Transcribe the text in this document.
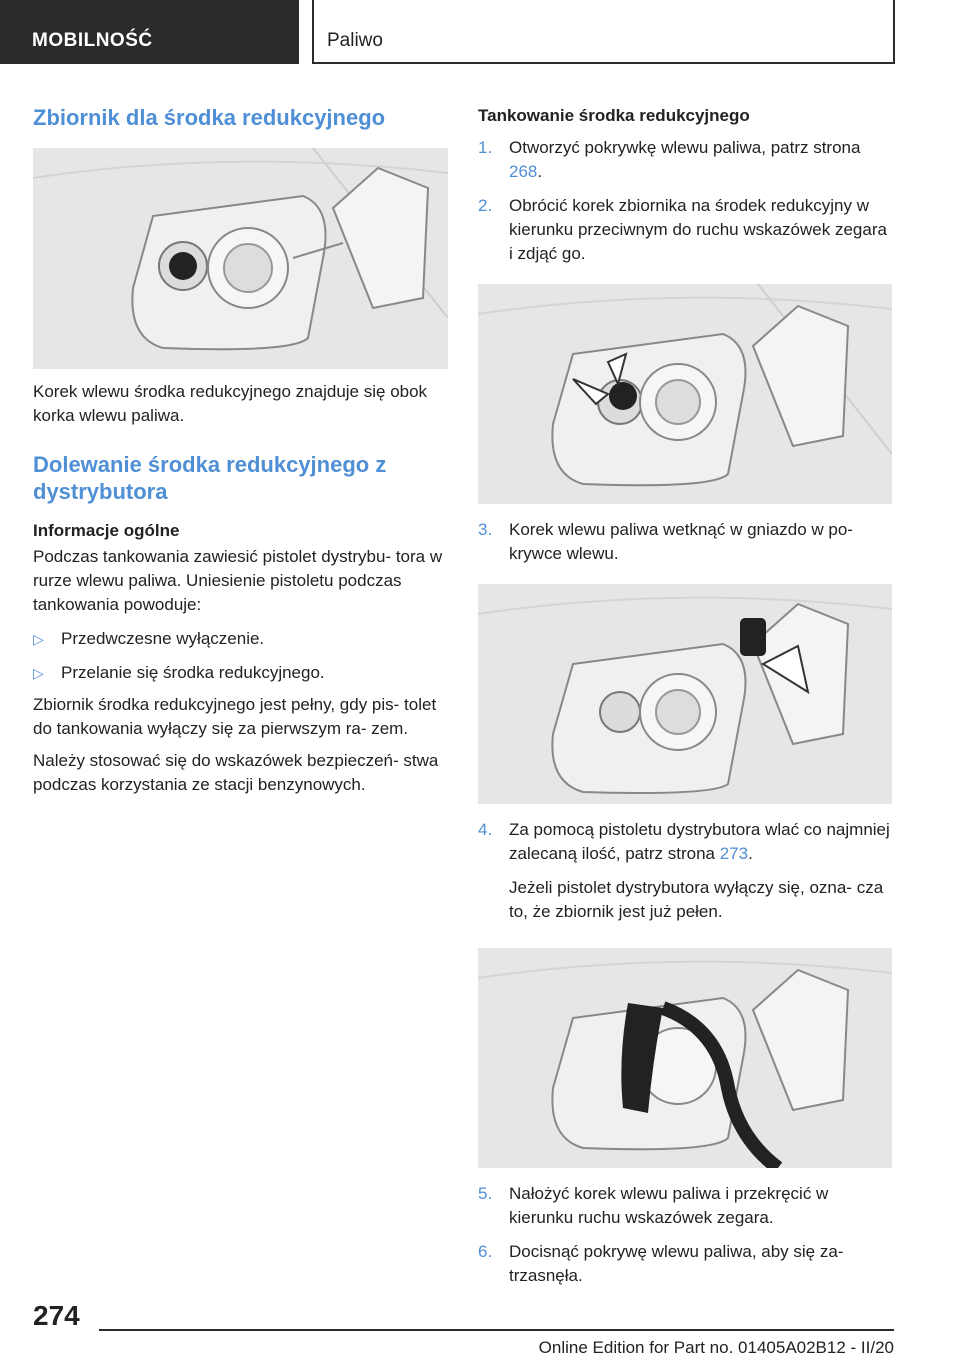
MOBILNOŚĆ	Paliwo
Zbiornik dla środka redukcyjnego

Korek wlewu środka redukcyjnego znajduje się obok korka wlewu paliwa.

Dolewanie środka redukcyjnego z dystrybutora
Informacje ogólne

Podczas tankowania zawiesić pistolet dystrybu- tora w rurze wlewu paliwa. Uniesienie pistoletu podczas tankowania powoduje:

▷	Przedwczesne wyłączenie.
▷	Przelanie się środka redukcyjnego.

Zbiornik środka redukcyjnego jest pełny, gdy pis- tolet do tankowania wyłączy się za pierwszym ra- zem.

Należy stosować się do wskazówek bezpieczeń- stwa podczas korzystania ze stacji benzynowych.

Tankowanie środka redukcyjnego
1. Otworzyć pokrywkę wlewu paliwa, patrz strona 268.
2. Obrócić korek zbiornika na środek redukcyjny w kierunku przeciwnym do ruchu wskazówek zegara i zdjąć go.
3. Korek wlewu paliwa wetknąć w gniazdo w po- krywce wlewu.
4. Za pomocą pistoletu dystrybutora wlać co najmniej zalecaną ilość, patrz strona 273.

Jeżeli pistolet dystrybutora wyłączy się, ozna- cza to, że zbiornik jest już pełen.

5. Nałożyć korek wlewu paliwa i przekręcić w kierunku ruchu wskazówek zegara.
6. Docisnąć pokrywę wlewu paliwa, aby się za- trzasnęła.
274
Online Edition for Part no. 01405A02B12 - II/20
